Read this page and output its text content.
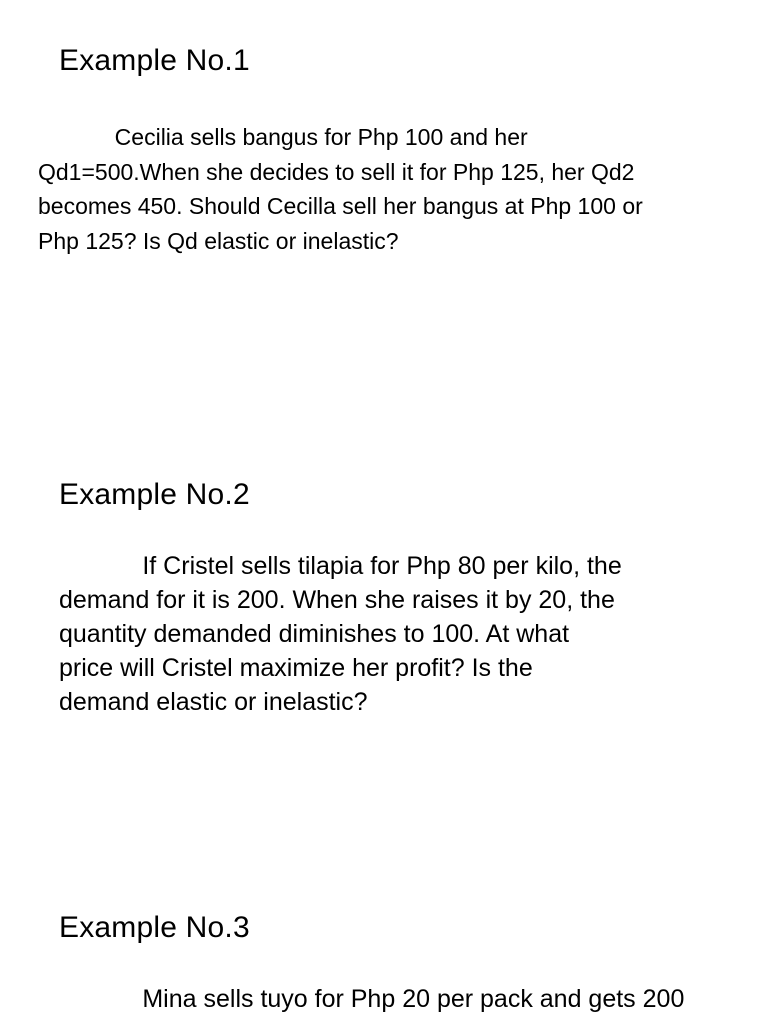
Example No.1

Cecilia sells bangus for Php 100 and her
Qd1=500.When she decides to sell it for Php 125, her Qd2
becomes 450. Should Cecilla sell her bangus at Php 100 or
Php 125? Is Qd elastic or inelastic?

Example No.2

If Cristel sells tilapia for Php 80 per kilo, the
demand for it is 200. When she raises it by 20, the
quantity demanded diminishes to 100. At what
price will Cristel maximize her profit? Is the
demand elastic or inelastic?

Example No.3

Mina sells tuyo for Php 20 per pack and gets 200
